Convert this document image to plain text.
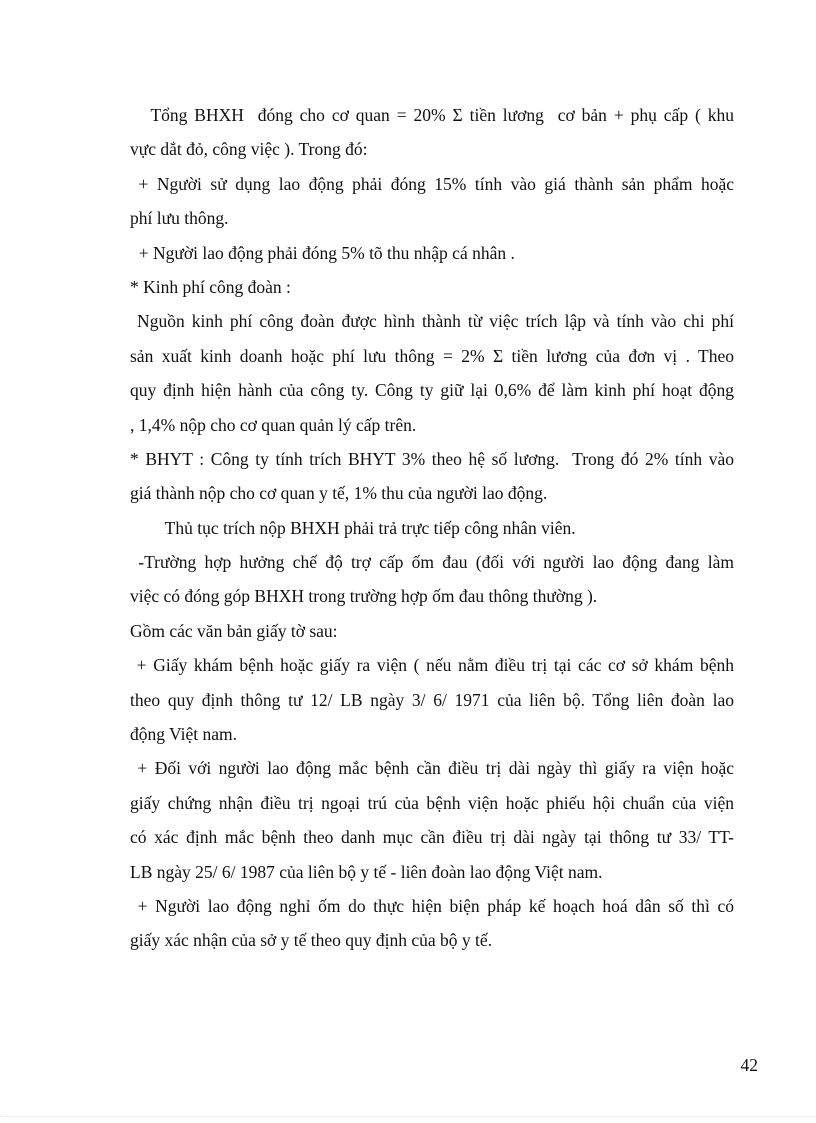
Tổng BHXH  đóng cho cơ quan = 20% Σ tiền lương  cơ bản + phụ cấp ( khu
vực dắt đỏ, công việc ). Trong đó:
+ Người sử dụng lao động phải đóng 15% tính vào giá thành sản phẩm hoặc
phí lưu thông.
+ Người lao động phải đóng 5% tõ thu nhập cá nhân .
* Kinh phí công đoàn :
Nguồn kinh phí công đoàn được hình thành từ việc trích lập và tính vào chi phí
sản xuất kinh doanh hoặc phí lưu thông = 2% Σ tiền lương của đơn vị . Theo
quy định hiện hành của công ty. Công ty giữ lại 0,6% để làm kinh phí hoạt động
, 1,4% nộp cho cơ quan quản lý cấp trên.
* BHYT : Công ty tính trích BHYT 3% theo hệ số lương.  Trong đó 2% tính vào
giá thành nộp cho cơ quan y tế, 1% thu của người lao động.
Thủ tục trích nộp BHXH phải trả trực tiếp công nhân viên.
-Trường hợp hưởng chế độ trợ cấp ốm đau (đối với người lao động đang làm
việc có đóng góp BHXH trong trường hợp ốm đau thông thường ).
Gồm các văn bản giấy tờ sau:
+ Giấy khám bệnh hoặc giấy ra viện ( nếu nằm điều trị tại các cơ sở khám bệnh
theo quy định thông tư 12/ LB ngày 3/ 6/ 1971 của liên bộ. Tổng liên đoàn lao
động Việt nam.
+ Đối với người lao động mắc bệnh cần điều trị dài ngày thì giấy ra viện hoặc
giấy chứng nhận điều trị ngoại trú của bệnh viện hoặc phiếu hội chuẩn của viện
có xác định mắc bệnh theo danh mục cần điều trị dài ngày tại thông tư 33/ TT-
LB ngày 25/ 6/ 1987 của liên bộ y tế - liên đoàn lao động Việt nam.
+ Người lao động nghỉ ốm do thực hiện biện pháp kế hoạch hoá dân số thì có
giấy xác nhận của sở y tế theo quy định của bộ y tế.
42
